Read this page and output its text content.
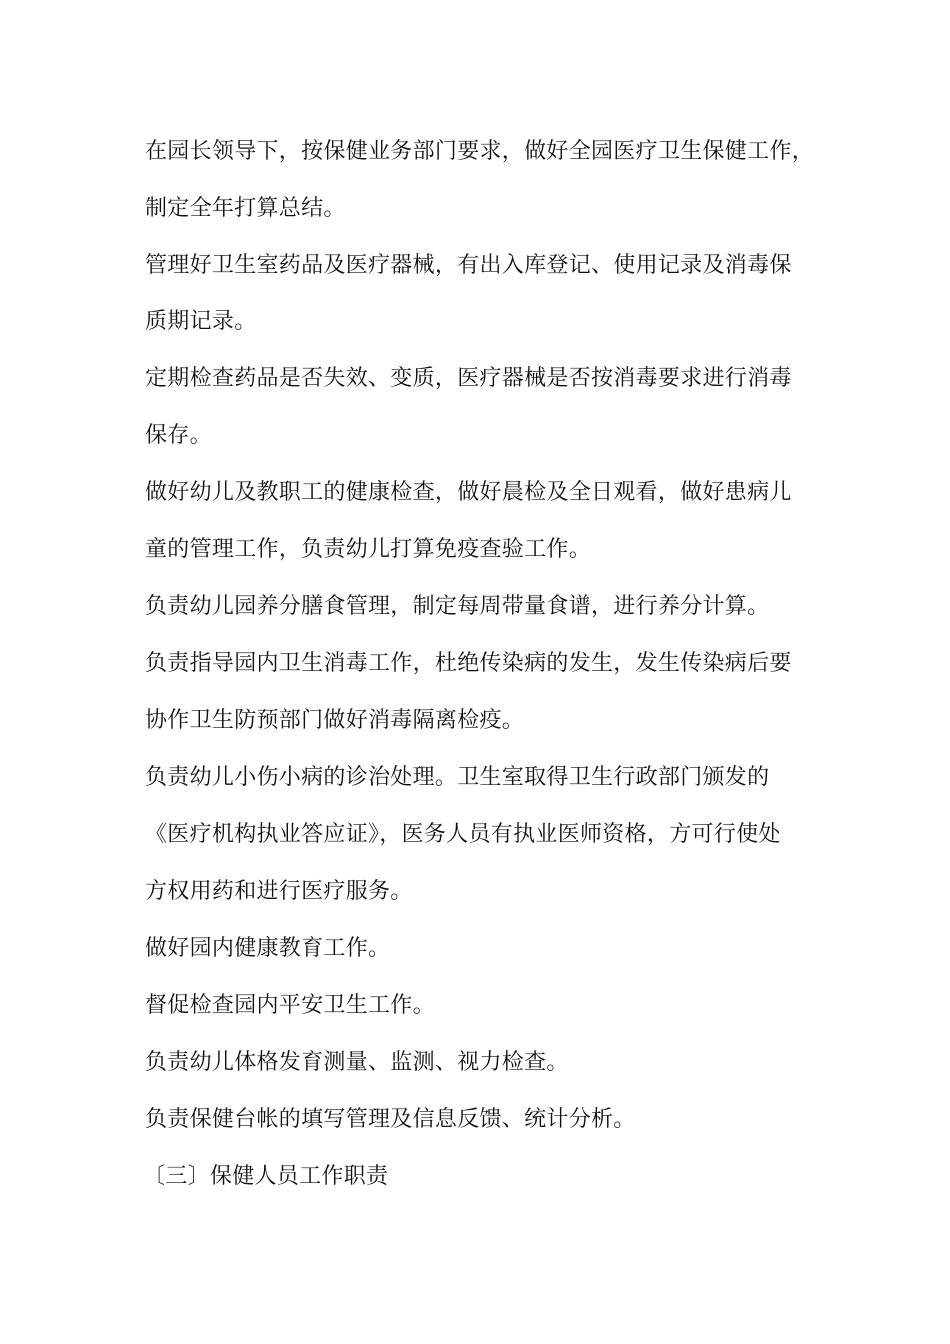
在园长领导下，按保健业务部门要求，做好全园医疗卫生保健工作，
制定全年打算总结。
管理好卫生室药品及医疗器械，有出入库登记、使用记录及消毒保
质期记录。
定期检查药品是否失效、变质，医疗器械是否按消毒要求进行消毒
保存。
做好幼儿及教职工的健康检查，做好晨检及全日观看，做好患病儿
童的管理工作，负责幼儿打算免疫查验工作。
负责幼儿园养分膳食管理，制定每周带量食谱，进行养分计算。
负责指导园内卫生消毒工作，杜绝传染病的发生，发生传染病后要
协作卫生防预部门做好消毒隔离检疫。
负责幼儿小伤小病的诊治处理。卫生室取得卫生行政部门颁发的
《医疗机构执业答应证》，医务人员有执业医师资格，方可行使处
方权用药和进行医疗服务。
做好园内健康教育工作。
督促检查园内平安卫生工作。
负责幼儿体格发育测量、监测、视力检查。
负责保健台帐的填写管理及信息反馈、统计分析。
〔三〕保健人员工作职责
